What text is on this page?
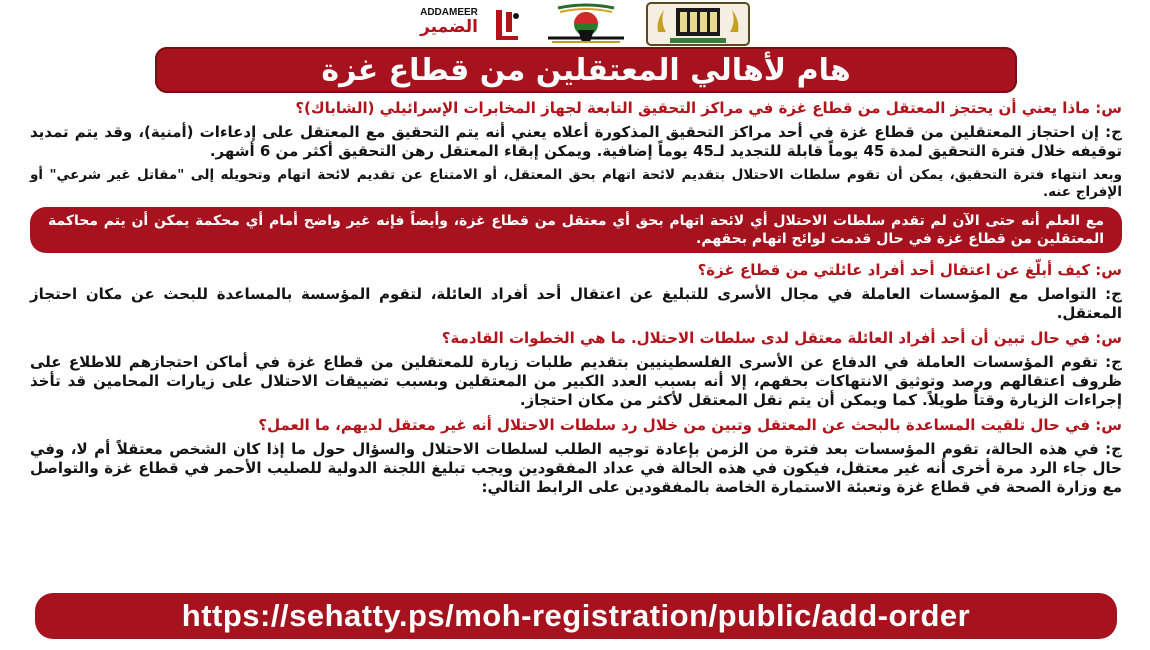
ADDAMEER
الضمير
هام لأهالي المعتقلين من قطاع غزة

س: ماذا يعني أن يحتجز المعتقل من قطاع غزة في مراكز التحقيق التابعة لجهاز المخابرات الإسرائيلي (الشاباك)؟

ج: إن احتجاز المعتقلين من قطاع غزة في أحد مراكز التحقيق المذكورة أعلاه يعني أنه يتم التحقيق مع المعتقل على إدعاءات (أمنية)، وقد يتم تمديد توقيفه خلال فترة التحقيق لمدة 45 يوماً قابلة للتجديد لـ45 يوماً إضافية. ويمكن إبقاء المعتقل رهن التحقيق أكثر من 6 أشهر.

وبعد انتهاء فترة التحقيق، يمكن أن تقوم سلطات الاحتلال بتقديم لائحة اتهام بحق المعتقل، أو الامتناع عن تقديم لائحة اتهام وتحويله إلى "مقاتل غير شرعي" أو الإفراج عنه.

مع العلم أنه حتى الآن لم تقدم سلطات الاحتلال أي لائحة اتهام بحق أي معتقل من قطاع غزة، وأيضاً فإنه غير واضح أمام أي محكمة يمكن أن يتم محاكمة المعتقلين من قطاع غزة في حال قدمت لوائح اتهام بحقهم.

س: كيف أبلّغ عن اعتقال أحد أفراد عائلتي من قطاع غزة؟

ج: التواصل مع المؤسسات العاملة في مجال الأسرى للتبليغ عن اعتقال أحد أفراد العائلة، لتقوم المؤسسة بالمساعدة للبحث عن مكان احتجاز المعتقل.

س: في حال تبين أن أحد أفراد العائلة معتقل لدى سلطات الاحتلال. ما هي الخطوات القادمة؟

ج: تقوم المؤسسات العاملة في الدفاع عن الأسرى الفلسطينيين بتقديم طلبات زيارة للمعتقلين من قطاع غزة في أماكن احتجازهم للاطلاع على ظروف اعتقالهم ورصد وتوثيق الانتهاكات بحقهم، إلا أنه بسبب العدد الكبير من المعتقلين وبسبب تضييقات الاحتلال على زيارات المحامين قد تأخذ إجراءات الزيارة وقتاً طويلاً. كما ويمكن أن يتم نقل المعتقل لأكثر من مكان احتجاز.

س: في حال تلقيت المساعدة بالبحث عن المعتقل وتبين من خلال رد سلطات الاحتلال أنه غير معتقل لديهم، ما العمل؟

ج: في هذه الحالة، تقوم المؤسسات بعد فترة من الزمن بإعادة توجيه الطلب لسلطات الاحتلال والسؤال حول ما إذا كان الشخص معتقلاً أم لا، وفي حال جاء الرد مرة أخرى أنه غير معتقل، فيكون في هذه الحالة في عداد المفقودين ويجب تبليغ اللجنة الدولية للصليب الأحمر في قطاع غزة والتواصل مع وزارة الصحة في قطاع غزة وتعبئة الاستمارة الخاصة بالمفقودين على الرابط التالي:

https://sehatty.ps/moh-registration/public/add-order
